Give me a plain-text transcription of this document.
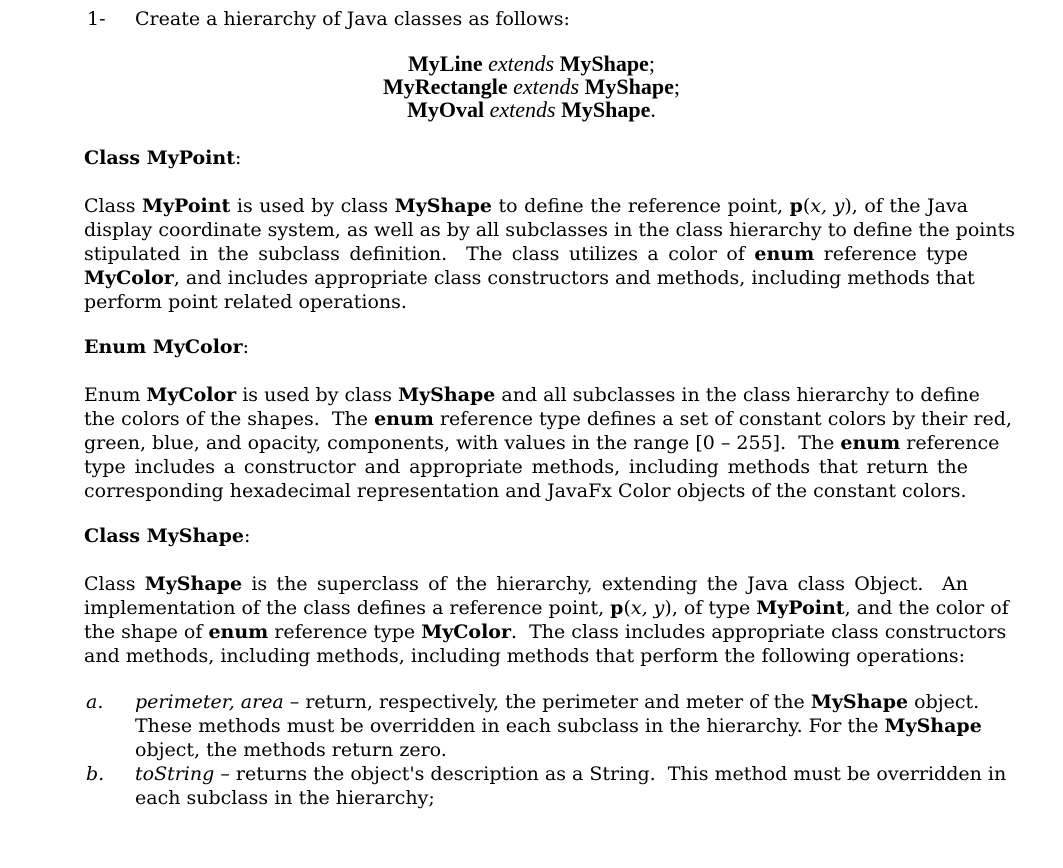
1- Create a hierarchy of Java classes as follows:
MyLine extends MyShape;
MyRectangle extends MyShape;
MyOval extends MyShape.
Class MyPoint:
Class MyPoint is used by class MyShape to define the reference point, p(x, y), of the Java
display coordinate system, as well as by all subclasses in the class hierarchy to define the points
stipulated in the subclass definition.  The class utilizes a color of enum reference type
MyColor, and includes appropriate class constructors and methods, including methods that
perform point related operations.
Enum MyColor:
Enum MyColor is used by class MyShape and all subclasses in the class hierarchy to define
the colors of the shapes.  The enum reference type defines a set of constant colors by their red,
green, blue, and opacity, components, with values in the range [0 – 255].  The enum reference
type includes a constructor and appropriate methods, including methods that return the
corresponding hexadecimal representation and JavaFx Color objects of the constant colors.
Class MyShape:
Class MyShape is the superclass of the hierarchy, extending the Java class Object.  An
implementation of the class defines a reference point, p(x, y), of type MyPoint, and the color of
the shape of enum reference type MyColor.  The class includes appropriate class constructors
and methods, including methods, including methods that perform the following operations:
a. perimeter, area – return, respectively, the perimeter and meter of the MyShape object.
These methods must be overridden in each subclass in the hierarchy. For the MyShape
object, the methods return zero.
b. toString – returns the object's description as a String.  This method must be overridden in
each subclass in the hierarchy;
